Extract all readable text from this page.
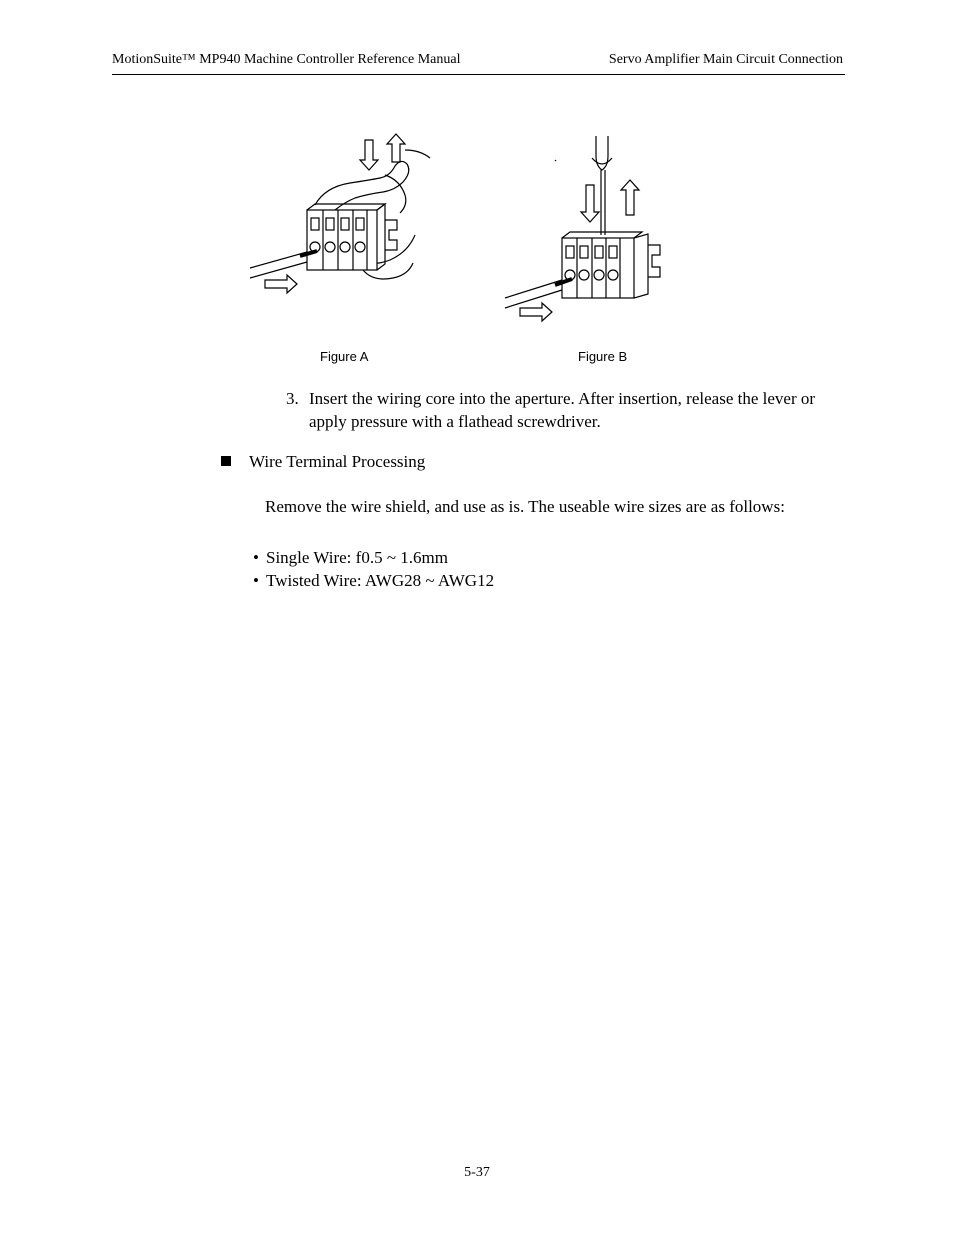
MotionSuite™ MP940 Machine Controller Reference Manual	Servo Amplifier Main Circuit Connection
Figure A	Figure B
3. Insert the wiring core into the aperture. After insertion, release the lever or apply pressure with a flathead screwdriver.
Wire Terminal Processing
Remove the wire shield, and use as is. The useable wire sizes are as follows:
• Single Wire: f0.5 ~ 1.6mm
• Twisted Wire: AWG28 ~ AWG12
5-37
